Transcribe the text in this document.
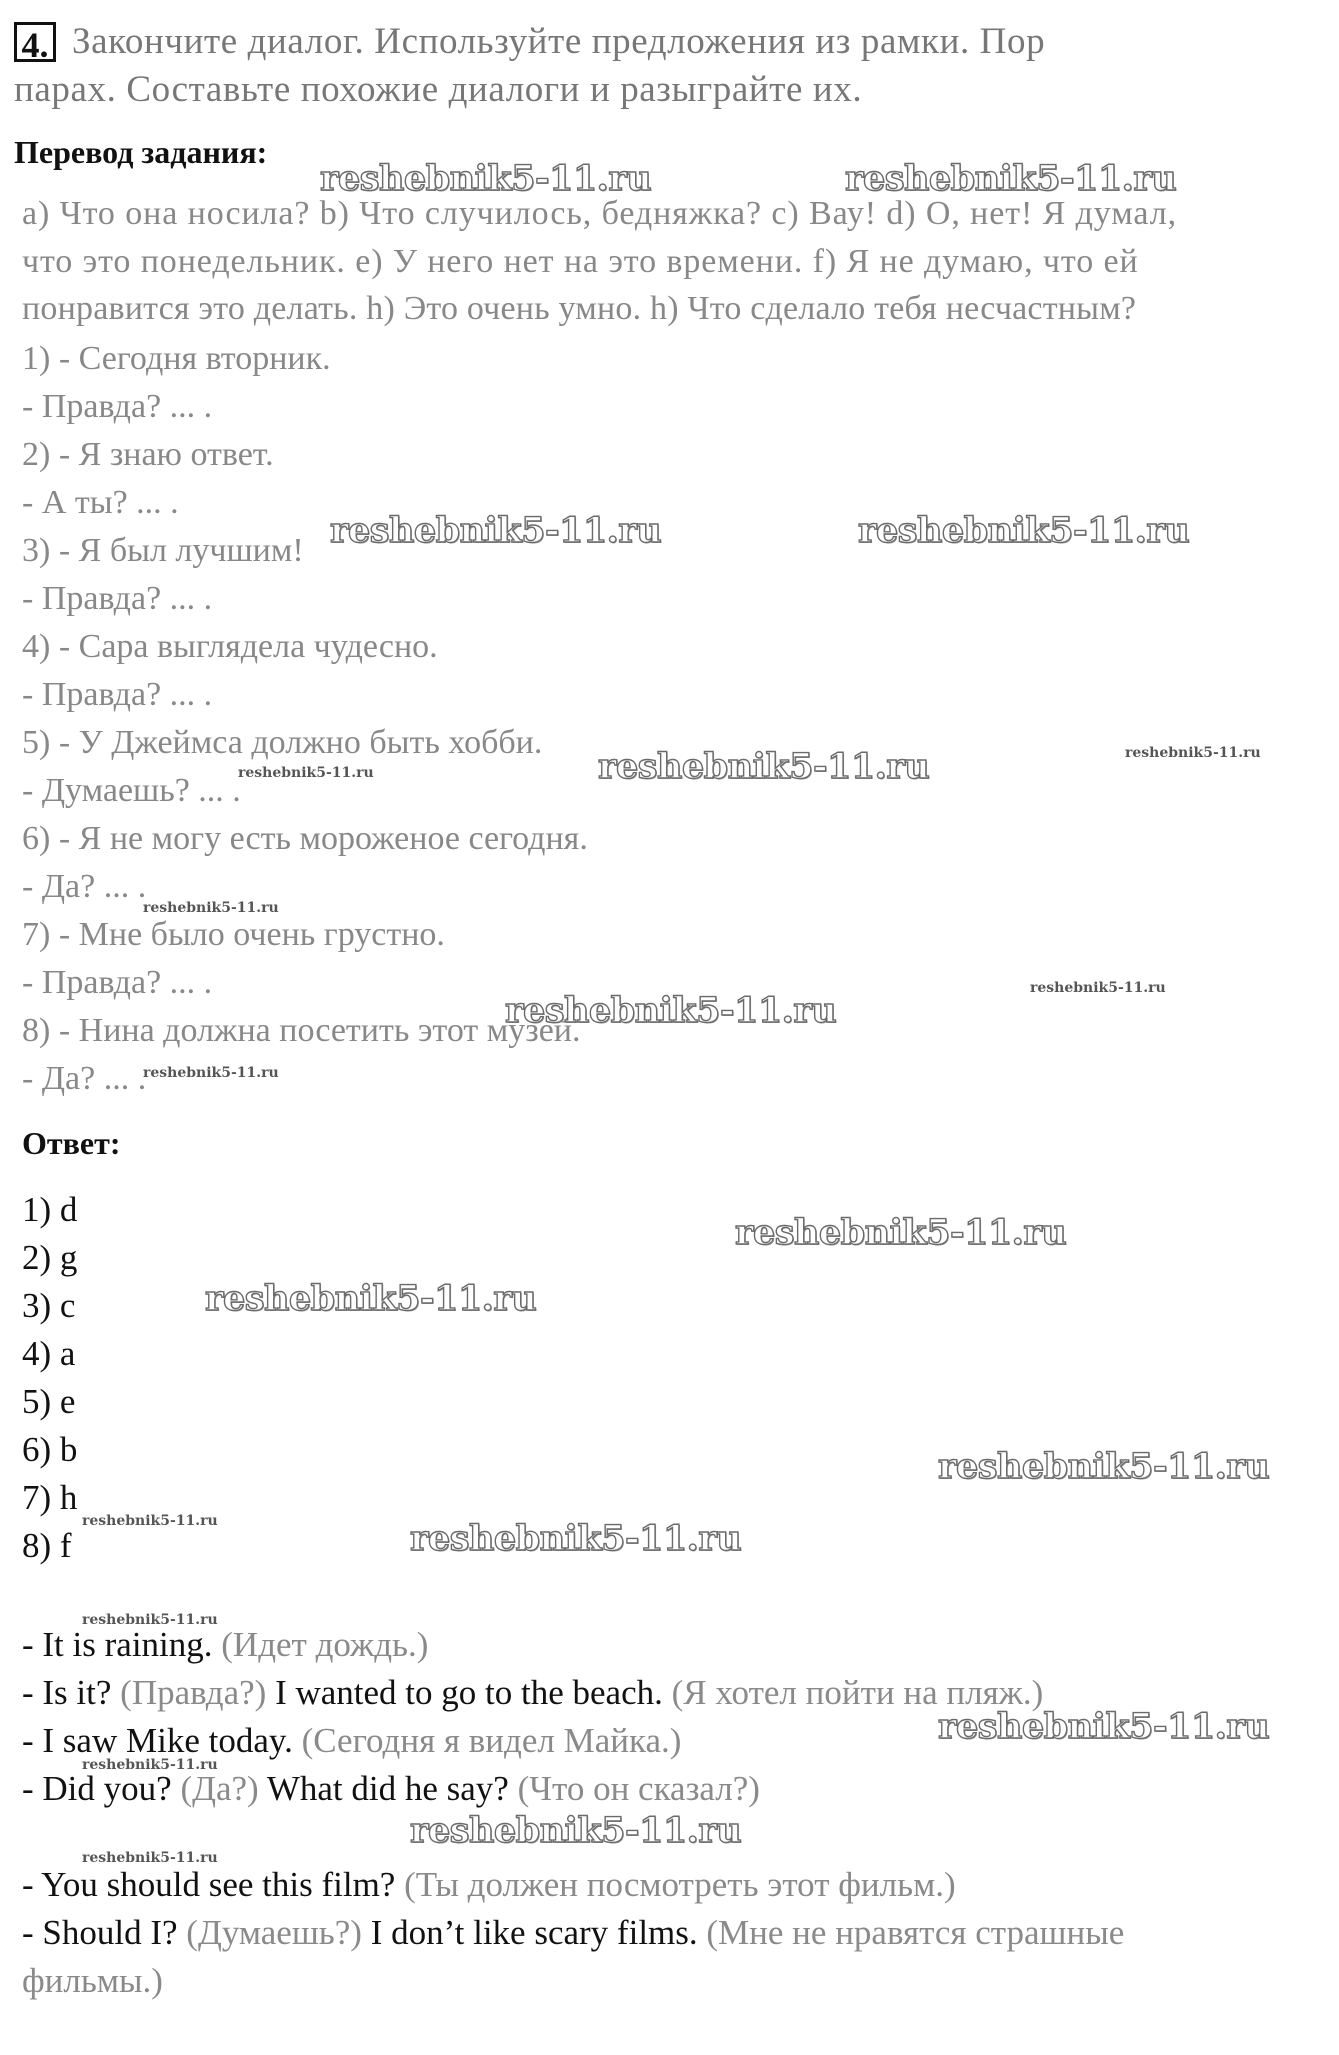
4. Закончите диалог. Используйте предложения из рамки. Пор
парах. Составьте похожие диалоги и разыграйте их.
Перевод задания:
а) Что она носила? b) Что случилось, бедняжка? с) Вау! d) О, нет! Я думал,
что это понедельник. е) У него нет на это времени. f) Я не думаю, что ей
понравится это делать. h) Это очень умно. h) Что сделало тебя несчастным?
1) - Сегодня вторник.
- Правда? ... .
2) - Я знаю ответ.
- А ты? ... .
3) - Я был лучшим!
- Правда? ... .
4) - Сара выглядела чудесно.
- Правда? ... .
5) - У Джеймса должно быть хобби.
- Думаешь? ... .
6) - Я не могу есть мороженое сегодня.
- Да? ... .
7) - Мне было очень грустно.
- Правда? ... .
8) - Нина должна посетить этот музей.
- Да? ... .
Ответ:
1) d
2) g
3) c
4) a
5) e
6) b
7) h
8) f
- It is raining. (Идет дождь.)
- Is it? (Правда?) I wanted to go to the beach. (Я хотел пойти на пляж.)
- I saw Mike today. (Сегодня я видел Майка.)
- Did you? (Да?) What did he say? (Что он сказал?)
- You should see this film? (Ты должен посмотреть этот фильм.)
- Should I? (Думаешь?) I don’t like scary films. (Мне не нравятся страшные
фильмы.)
reshebnik5-11.ru	reshebnik5-11.ru
reshebnik5-11.ru	reshebnik5-11.ru
reshebnik5-11.ru
reshebnik5-11.ru
reshebnik5-11.ru
reshebnik5-11.ru
reshebnik5-11.ru
reshebnik5-11.ru
reshebnik5-11.ru
reshebnik5-11.ru
reshebnik5-11.ru
reshebnik5-11.ru
reshebnik5-11.ru
reshebnik5-11.ru
reshebnik5-11.ru
reshebnik5-11.ru
reshebnik5-11.ru
reshebnik5-11.ru
reshebnik5-11.ru
